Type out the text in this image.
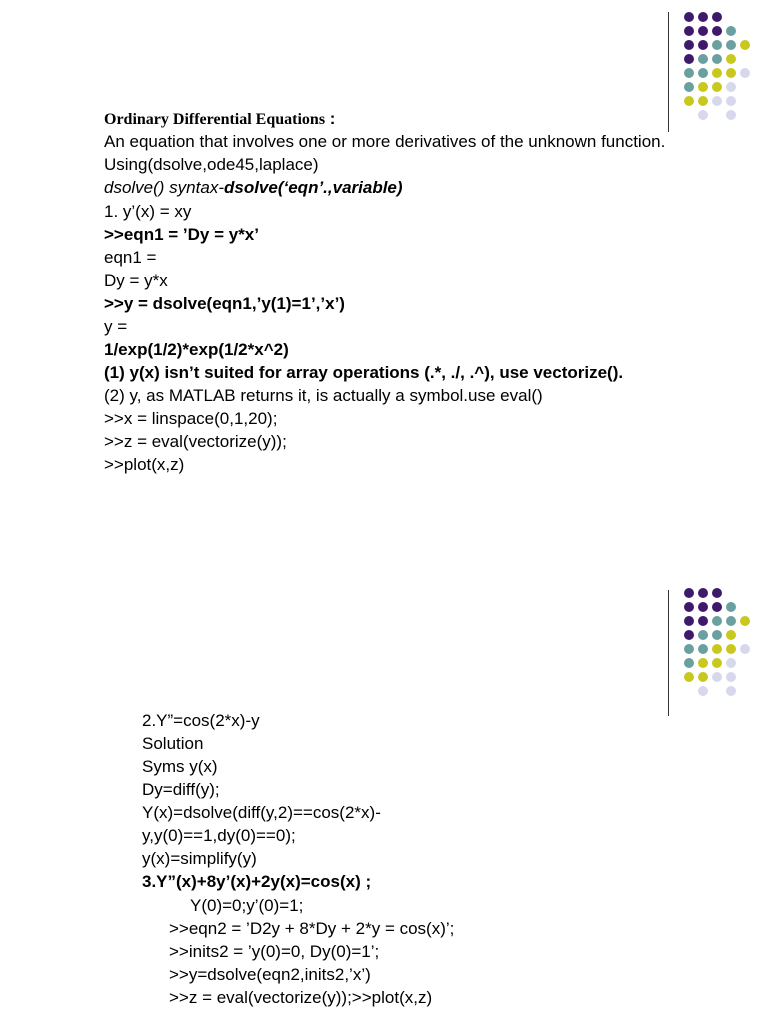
Ordinary Differential Equations :
An equation that involves one or more derivatives of the unknown function.
Using(dsolve,ode45,laplace)
dsolve() syntax-dsolve(‘eqn’.,variable)
1. y’(x) = xy
>>eqn1 = ’Dy = y*x’
eqn1 =
Dy = y*x
>>y = dsolve(eqn1,’y(1)=1’,’x’)
y =
1/exp(1/2)*exp(1/2*x^2)
(1) y(x) isn’t suited for array operations (.*, ./, .^), use vectorize().
(2) y, as MATLAB returns it, is actually a symbol.use eval()
>>x = linspace(0,1,20);
>>z = eval(vectorize(y));
>>plot(x,z)
2.Y”=cos(2*x)-y
Solution
Syms y(x)
Dy=diff(y);
Y(x)=dsolve(diff(y,2)==cos(2*x)-
y,y(0)==1,dy(0)==0);
y(x)=simplify(y)
3.Y”(x)+8y’(x)+2y(x)=cos(x) ;
Y(0)=0;y’(0)=1;
>>eqn2 = ’D2y + 8*Dy + 2*y = cos(x)’;
>>inits2 = ’y(0)=0, Dy(0)=1’;
>>y=dsolve(eqn2,inits2,’x’)
>>z = eval(vectorize(y));>>plot(x,z)
